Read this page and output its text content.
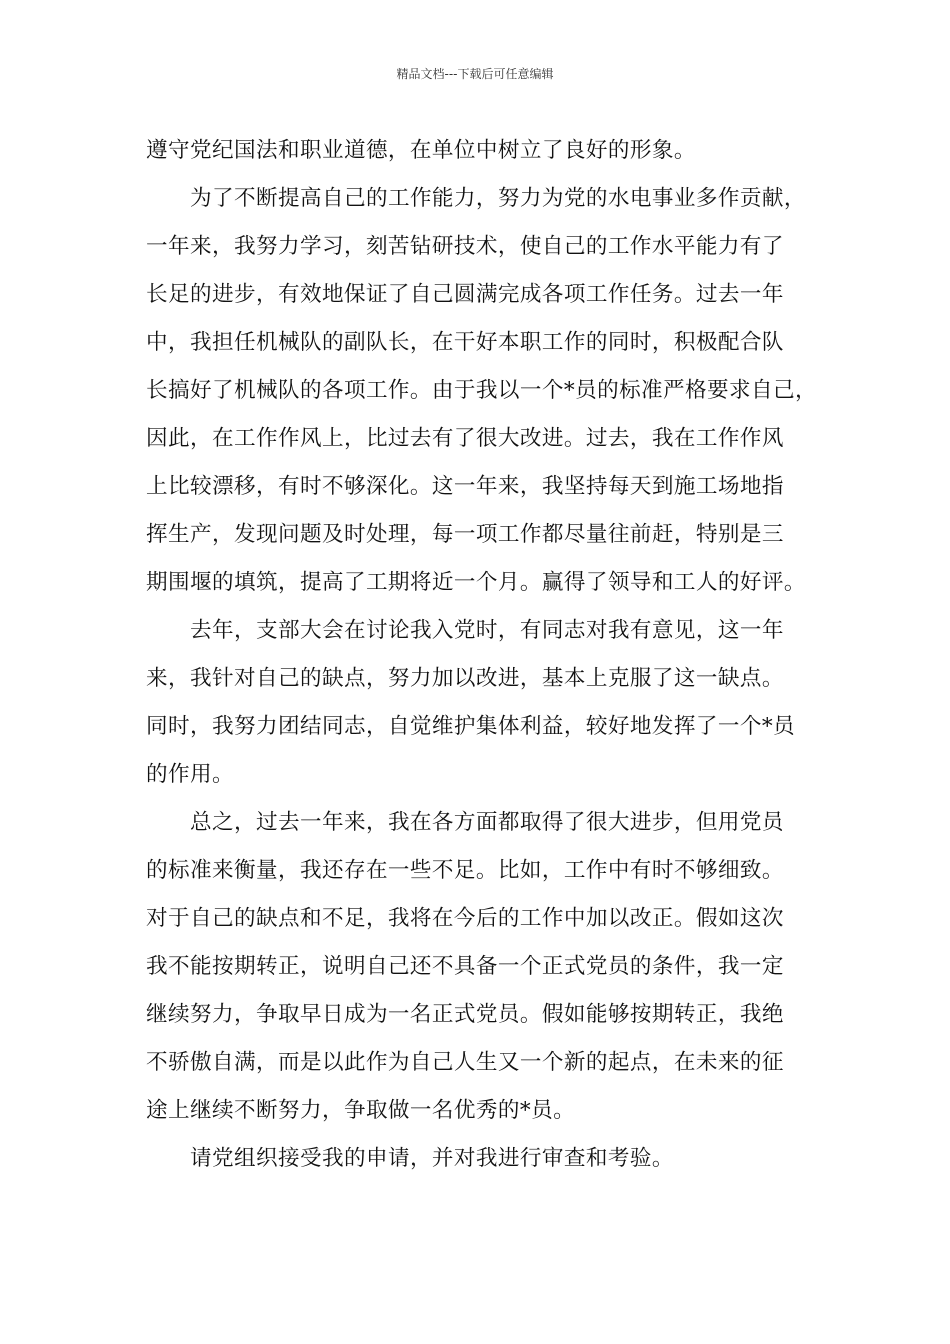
精品文档---下载后可任意编辑
遵守党纪国法和职业道德，在单位中树立了良好的形象。
为了不断提高自己的工作能力，努力为党的水电事业多作贡献，
一年来，我努力学习，刻苦钻研技术，使自己的工作水平能力有了
长足的进步，有效地保证了自己圆满完成各项工作任务。过去一年
中，我担任机械队的副队长，在干好本职工作的同时，积极配合队
长搞好了机械队的各项工作。由于我以一个*员的标准严格要求自己，
因此，在工作作风上，比过去有了很大改进。过去，我在工作作风
上比较漂移，有时不够深化。这一年来，我坚持每天到施工场地指
挥生产，发现问题及时处理，每一项工作都尽量往前赶，特别是三
期围堰的填筑，提高了工期将近一个月。赢得了领导和工人的好评。
去年，支部大会在讨论我入党时，有同志对我有意见，这一年
来，我针对自己的缺点，努力加以改进，基本上克服了这一缺点。
同时，我努力团结同志，自觉维护集体利益，较好地发挥了一个*员
的作用。
总之，过去一年来，我在各方面都取得了很大进步，但用党员
的标准来衡量，我还存在一些不足。比如，工作中有时不够细致。
对于自己的缺点和不足，我将在今后的工作中加以改正。假如这次
我不能按期转正，说明自己还不具备一个正式党员的条件，我一定
继续努力，争取早日成为一名正式党员。假如能够按期转正，我绝
不骄傲自满，而是以此作为自己人生又一个新的起点，在未来的征
途上继续不断努力，争取做一名优秀的*员。
请党组织接受我的申请，并对我进行审查和考验。
